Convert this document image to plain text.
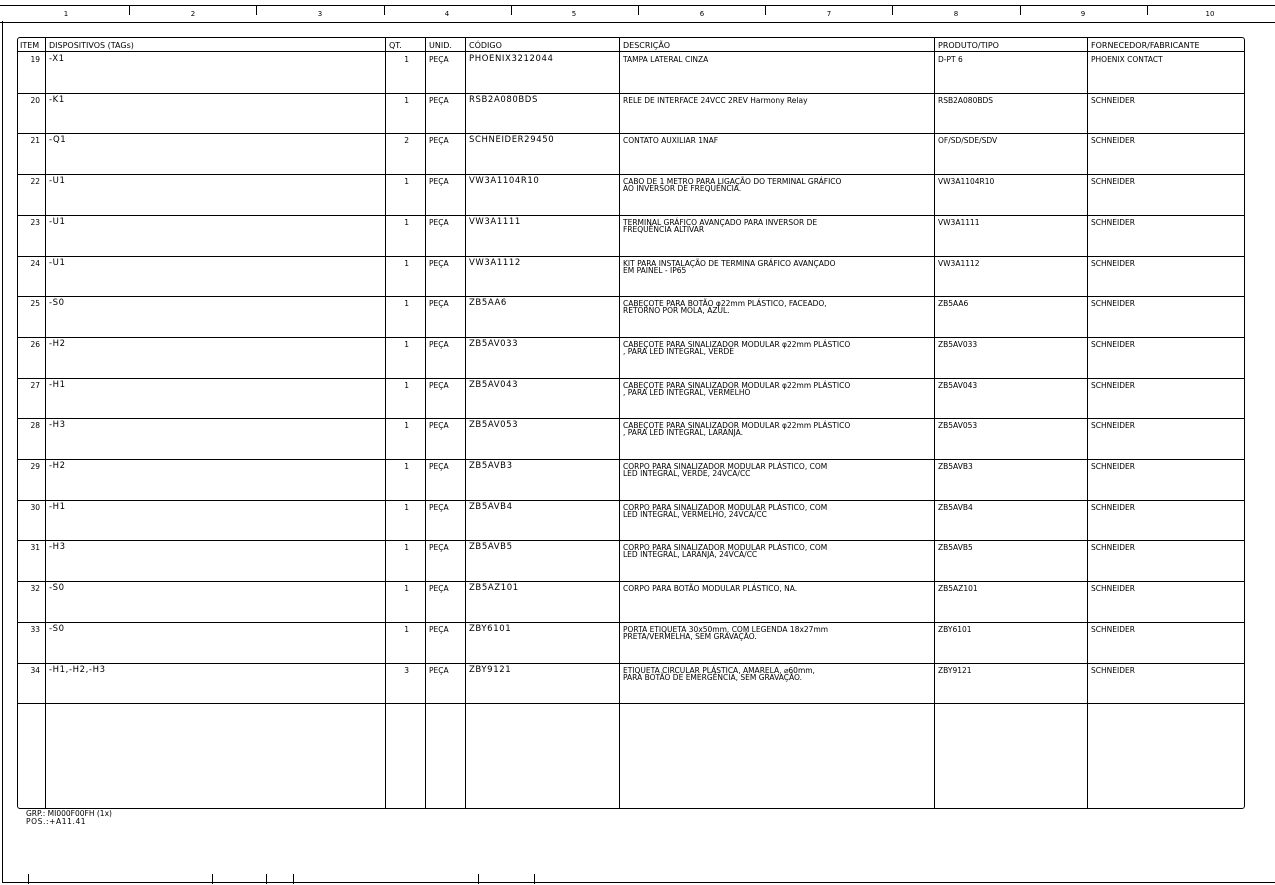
1	2	3	4	5	6	7	8	9	10
ITEM DISPOSITIVOS (TAGs)	QT.	UNID. CÓDIGO	DESCRIÇÃO	PRODUTO/TIPO	FORNECEDOR/FABRICANTE
19 -X1	1	PEÇA PHOENIX3212044	TAMPA LATERAL CINZA	D-PT 6	PHOENIX CONTACT
20 -K1	1	PEÇA RSB2A080BDS	RELE DE INTERFACE 24VCC 2REV Harmony Relay	RSB2A080BDS	SCHNEIDER
21 -Q1	2	PEÇA SCHNEIDER29450	CONTATO AUXILIAR 1NAF	OF/SD/SDE/SDV	SCHNEIDER
22 -U1	1	PEÇA VW3A1104R10	CABO DE 1 METRO PARA LIGAÇÃO DO TERMINAL GRÁFICO
AO INVERSOR DE FREQUÊNCIA.
VW3A1104R10	SCHNEIDER
23 -U1	1	PEÇA VW3A1111	TERMINAL GRÁFICO AVANÇADO PARA INVERSOR DE
FREQUÊNCIA ALTIVAR
VW3A1111	SCHNEIDER
24 -U1	1	PEÇA VW3A1112	KIT PARA INSTALAÇÃO DE TERMINA GRÁFICO AVANÇADO
EM PAINEL - IP65
VW3A1112	SCHNEIDER
25 -S0	1	PEÇA ZB5AA6	CABEÇOTE PARA BOTÃO φ22mm PLÁSTICO, FACEADO,
RETORNO POR MOLA, AZUL.
ZB5AA6	SCHNEIDER
26 -H2	1	PEÇA ZB5AV033	CABEÇOTE PARA SINALIZADOR MODULAR φ22mm PLÁSTICO
, PARA LED INTEGRAL, VERDE
ZB5AV033	SCHNEIDER
27 -H1	1	PEÇA ZB5AV043	CABEÇOTE PARA SINALIZADOR MODULAR φ22mm PLÁSTICO
, PARA LED INTEGRAL, VERMELHO
ZB5AV043	SCHNEIDER
28 -H3	1	PEÇA ZB5AV053	CABEÇOTE PARA SINALIZADOR MODULAR φ22mm PLÁSTICO
, PARA LED INTEGRAL, LARANJA.
ZB5AV053	SCHNEIDER
29 -H2	1	PEÇA ZB5AVB3	CORPO PARA SINALIZADOR MODULAR PLÁSTICO, COM
LED INTEGRAL, VERDE, 24VCA/CC
ZB5AVB3	SCHNEIDER
30 -H1	1	PEÇA ZB5AVB4	CORPO PARA SINALIZADOR MODULAR PLÁSTICO, COM
LED INTEGRAL, VERMELHO, 24VCA/CC
ZB5AVB4	SCHNEIDER
31 -H3	1	PEÇA ZB5AVB5	CORPO PARA SINALIZADOR MODULAR PLÁSTICO, COM
LED INTEGRAL, LARANJA, 24VCA/CC
ZB5AVB5	SCHNEIDER
32 -S0	1	PEÇA ZB5AZ101	CORPO PARA BOTÃO MODULAR PLÁSTICO, NA.	ZB5AZ101	SCHNEIDER
33 -S0	1	PEÇA ZBY6101	PORTA ETIQUETA 30x50mm, COM LEGENDA 18x27mm
PRETA/VERMELHA, SEM GRAVAÇÃO.
ZBY6101	SCHNEIDER
34 -H1,-H2,-H3	3	PEÇA ZBY9121	ETIQUETA CIRCULAR PLÁSTICA, AMARELA, ⌀60mm,
PARA BOTÃO DE EMERGÊNCIA, SEM GRAVAÇÃO.
ZBY9121	SCHNEIDER
GRP.: MI000F00FH (1x)
POS.:+A11.41
